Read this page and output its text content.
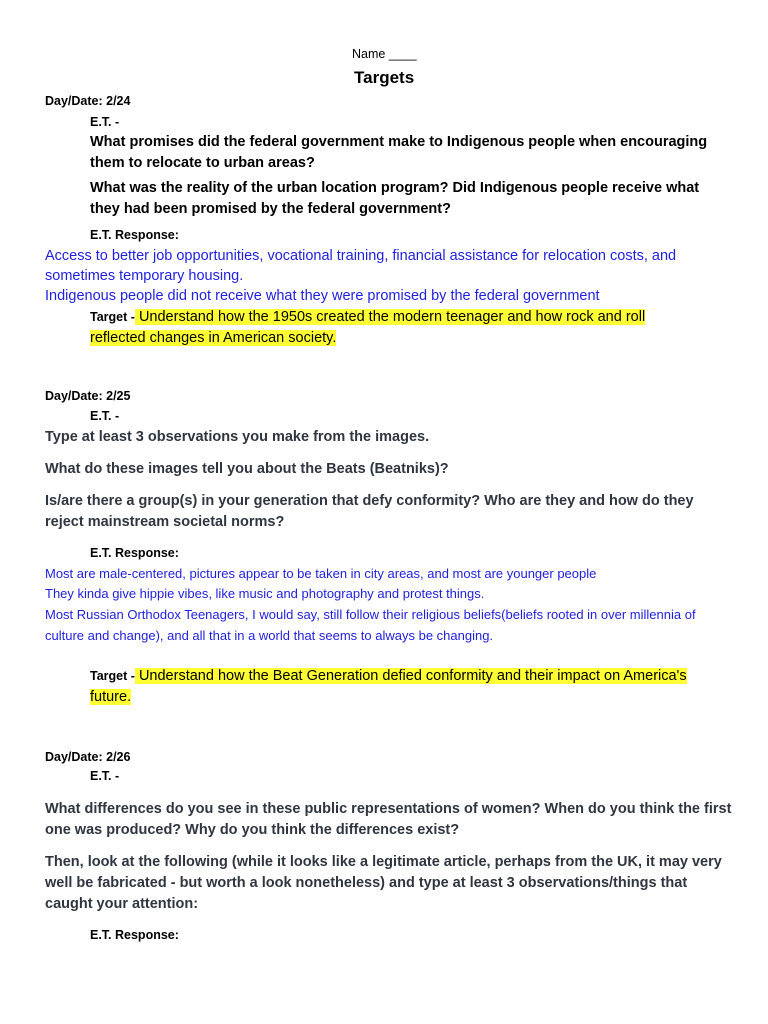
Name ____
Targets
Day/Date: 2/24
E.T. -
What promises did the federal government make to Indigenous people when encouraging them to relocate to urban areas?
What was the reality of the urban location program? Did Indigenous people receive what they had been promised by the federal government?
E.T. Response:
Access to better job opportunities, vocational training, financial assistance for relocation costs, and sometimes temporary housing.
Indigenous people did not receive what they were promised by the federal government
Target - Understand how the 1950s created the modern teenager and how rock and roll reflected changes in American society.
Day/Date: 2/25
E.T. -
Type at least 3 observations you make from the images.
What do these images tell you about the Beats (Beatniks)?
Is/are there a group(s) in your generation that defy conformity? Who are they and how do they reject mainstream societal norms?
E.T. Response:
Most are male-centered, pictures appear to be taken in city areas, and most are younger people
They kinda give hippie vibes, like music and photography and protest things.
Most Russian Orthodox Teenagers, I would say, still follow their religious beliefs(beliefs rooted in over millennia of culture and change), and all that in a world that seems to always be changing.
Target - Understand how the Beat Generation defied conformity and their impact on America's future.
Day/Date: 2/26
E.T. -
What differences do you see in these public representations of women? When do you think the first one was produced? Why do you think the differences exist?
Then, look at the following (while it looks like a legitimate article, perhaps from the UK, it may very well be fabricated - but worth a look nonetheless) and type at least 3 observations/things that caught your attention:
E.T. Response:
